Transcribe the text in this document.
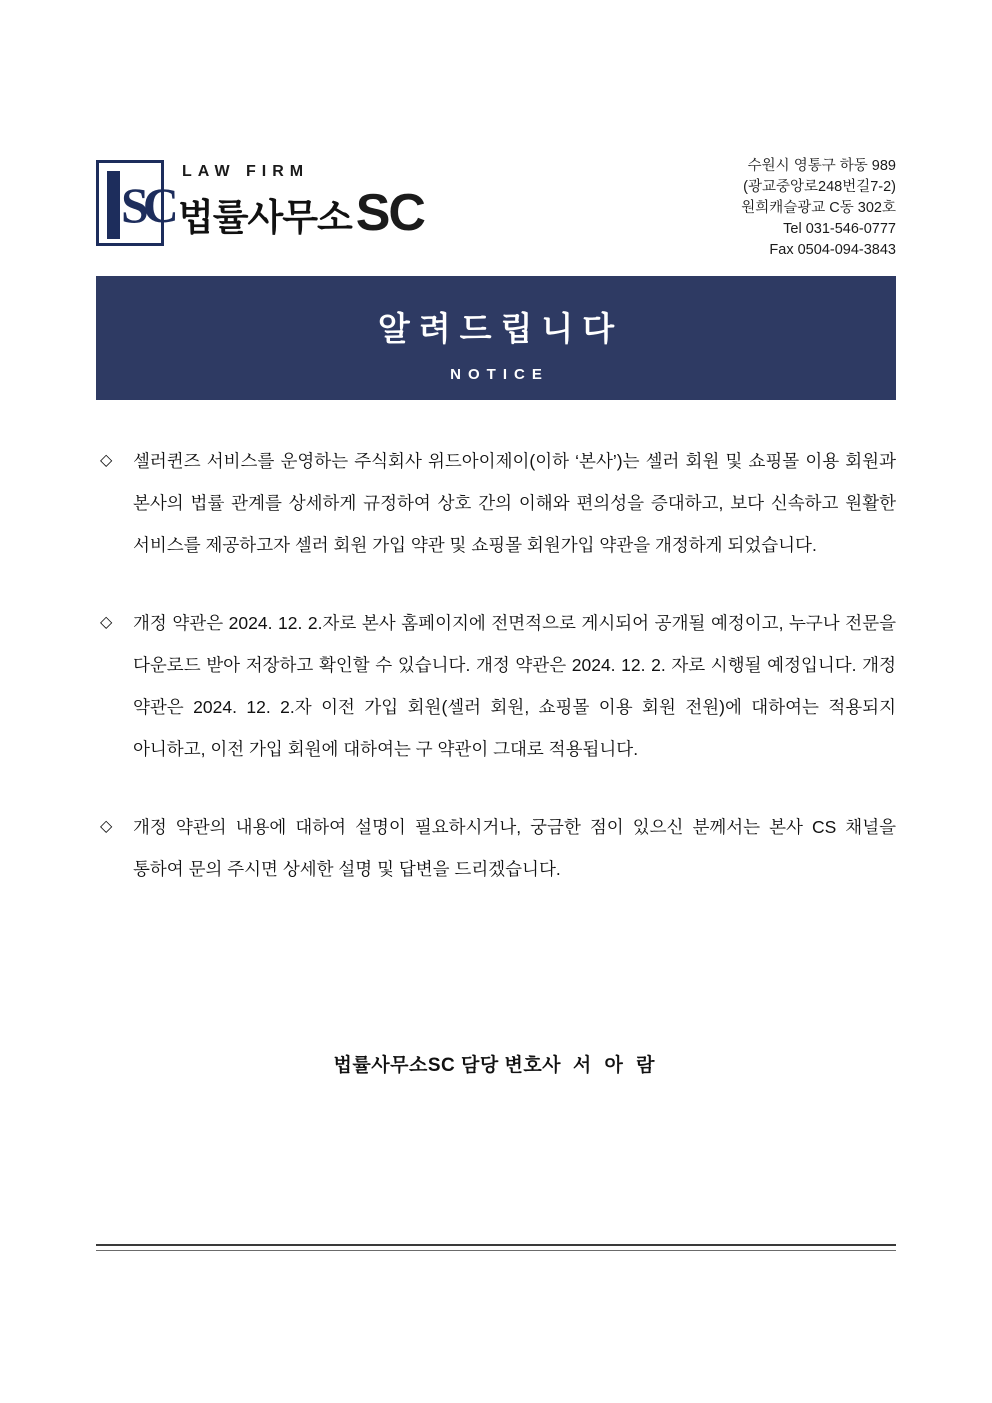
SC
LAW FIRM
법률사무소 SC
수원시 영통구 하동 989
(광교중앙로248번길7-2)
원희캐슬광교 C동 302호
Tel 031-546-0777
Fax 0504-094-3843
알려드립니다
NOTICE
◇ 셀러퀸즈 서비스를 운영하는 주식회사 위드아이제이(이하 ‘본사’)는 셀러 회원 및 쇼핑몰 이용 회원과 본사의 법률 관계를 상세하게 규정하여 상호 간의 이해와 편의성을 증대하고, 보다 신속하고 원활한 서비스를 제공하고자 셀러 회원 가입 약관 및 쇼핑몰 회원가입 약관을 개정하게 되었습니다.
◇ 개정 약관은 2024. 12. 2.자로 본사 홈페이지에 전면적으로 게시되어 공개될 예정이고, 누구나 전문을 다운로드 받아 저장하고 확인할 수 있습니다. 개정 약관은 2024. 12. 2. 자로 시행될 예정입니다. 개정 약관은 2024. 12. 2.자 이전 가입 회원(셀러 회원, 쇼핑몰 이용 회원 전원)에 대하여는 적용되지 아니하고, 이전 가입 회원에 대하여는 구 약관이 그대로 적용됩니다.
◇ 개정 약관의 내용에 대하여 설명이 필요하시거나, 궁금한 점이 있으신 분께서는 본사 CS 채널을 통하여 문의 주시면 상세한 설명 및 답변을 드리겠습니다.
법률사무소SC 담당 변호사 서 아 람
